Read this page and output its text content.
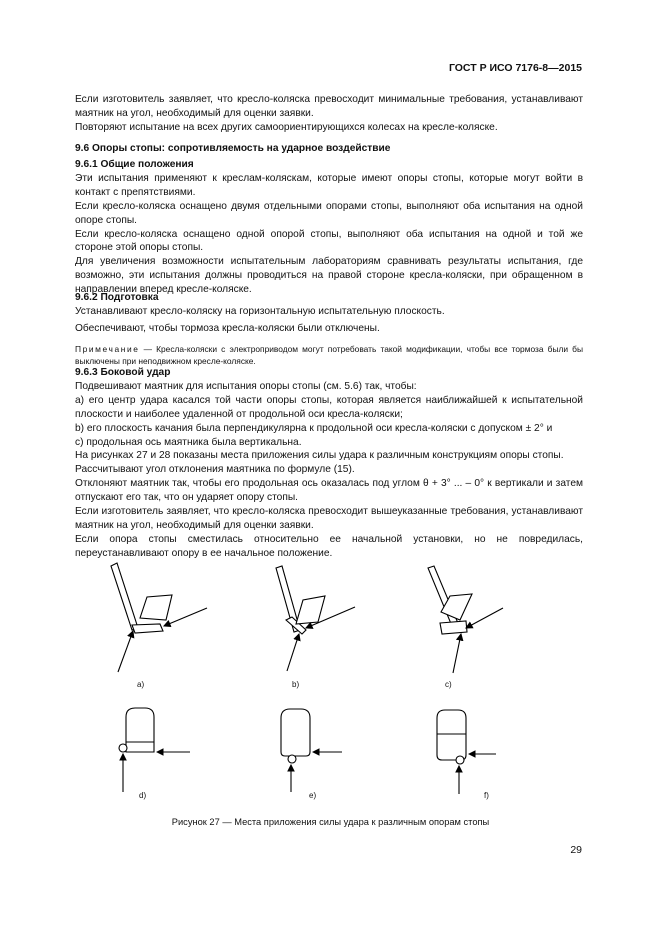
ГОСТ Р ИСО 7176-8—2015

Если изготовитель заявляет, что кресло-коляска превосходит минимальные требования, устанавливают маятник на угол, необходимый для оценки заявки.

Повторяют испытание на всех других самоориентирующихся колесах на кресле-коляске.

9.6 Опоры стопы: сопротивляемость на ударное воздействие

9.6.1 Общие положения

Эти испытания применяют к креслам-коляскам, которые имеют опоры стопы, которые могут войти в контакт с препятствиями.

Если кресло-коляска оснащено двумя отдельными опорами стопы, выполняют оба испытания на одной опоре стопы.

Если кресло-коляска оснащено одной опорой стопы, выполняют оба испытания на одной и той же стороне этой опоры стопы.

Для увеличения возможности испытательным лабораториям сравнивать результаты испытания, где возможно, эти испытания должны проводиться на правой стороне кресла-коляски, при обращенном в направлении вперед кресле-коляске.

9.6.2 Подготовка

Устанавливают кресло-коляску на горизонтальную испытательную плоскость.

Обеспечивают, чтобы тормоза кресла-коляски были отключены.

Примечание — Кресла-коляски с электроприводом могут потребовать такой модификации, чтобы все тормоза были бы выключены при неподвижном кресле-коляске.

9.6.3 Боковой удар

Подвешивают маятник для испытания опоры стопы (см. 5.6) так, чтобы:

а) его центр удара касался той части опоры стопы, которая является наиближайшей к испытательной плоскости и наиболее удаленной от продольной оси кресла-коляски;

b) его плоскость качания была перпендикулярна к продольной оси кресла-коляски с допуском ± 2° и

с) продольная ось маятника была вертикальна.

На рисунках 27 и 28 показаны места приложения силы удара к различным конструкциям опоры стопы.

Рассчитывают угол отклонения маятника по формуле (15).

Отклоняют маятник так, чтобы его продольная ось оказалась под углом θ + 3° ... – 0° к вертикали и затем отпускают его так, что он ударяет опору стопы.

Если изготовитель заявляет, что кресло-коляска превосходит вышеуказанные требования, устанавливают маятник на угол, необходимый для оценки заявки.

Если опора стопы сместилась относительно ее начальной установки, но не повредилась, переустанавливают опору в ее начальное положение.

a)	b)	c)
d)	e)	f)
Рисунок 27 — Места приложения силы удара к различным опорам стопы
29
